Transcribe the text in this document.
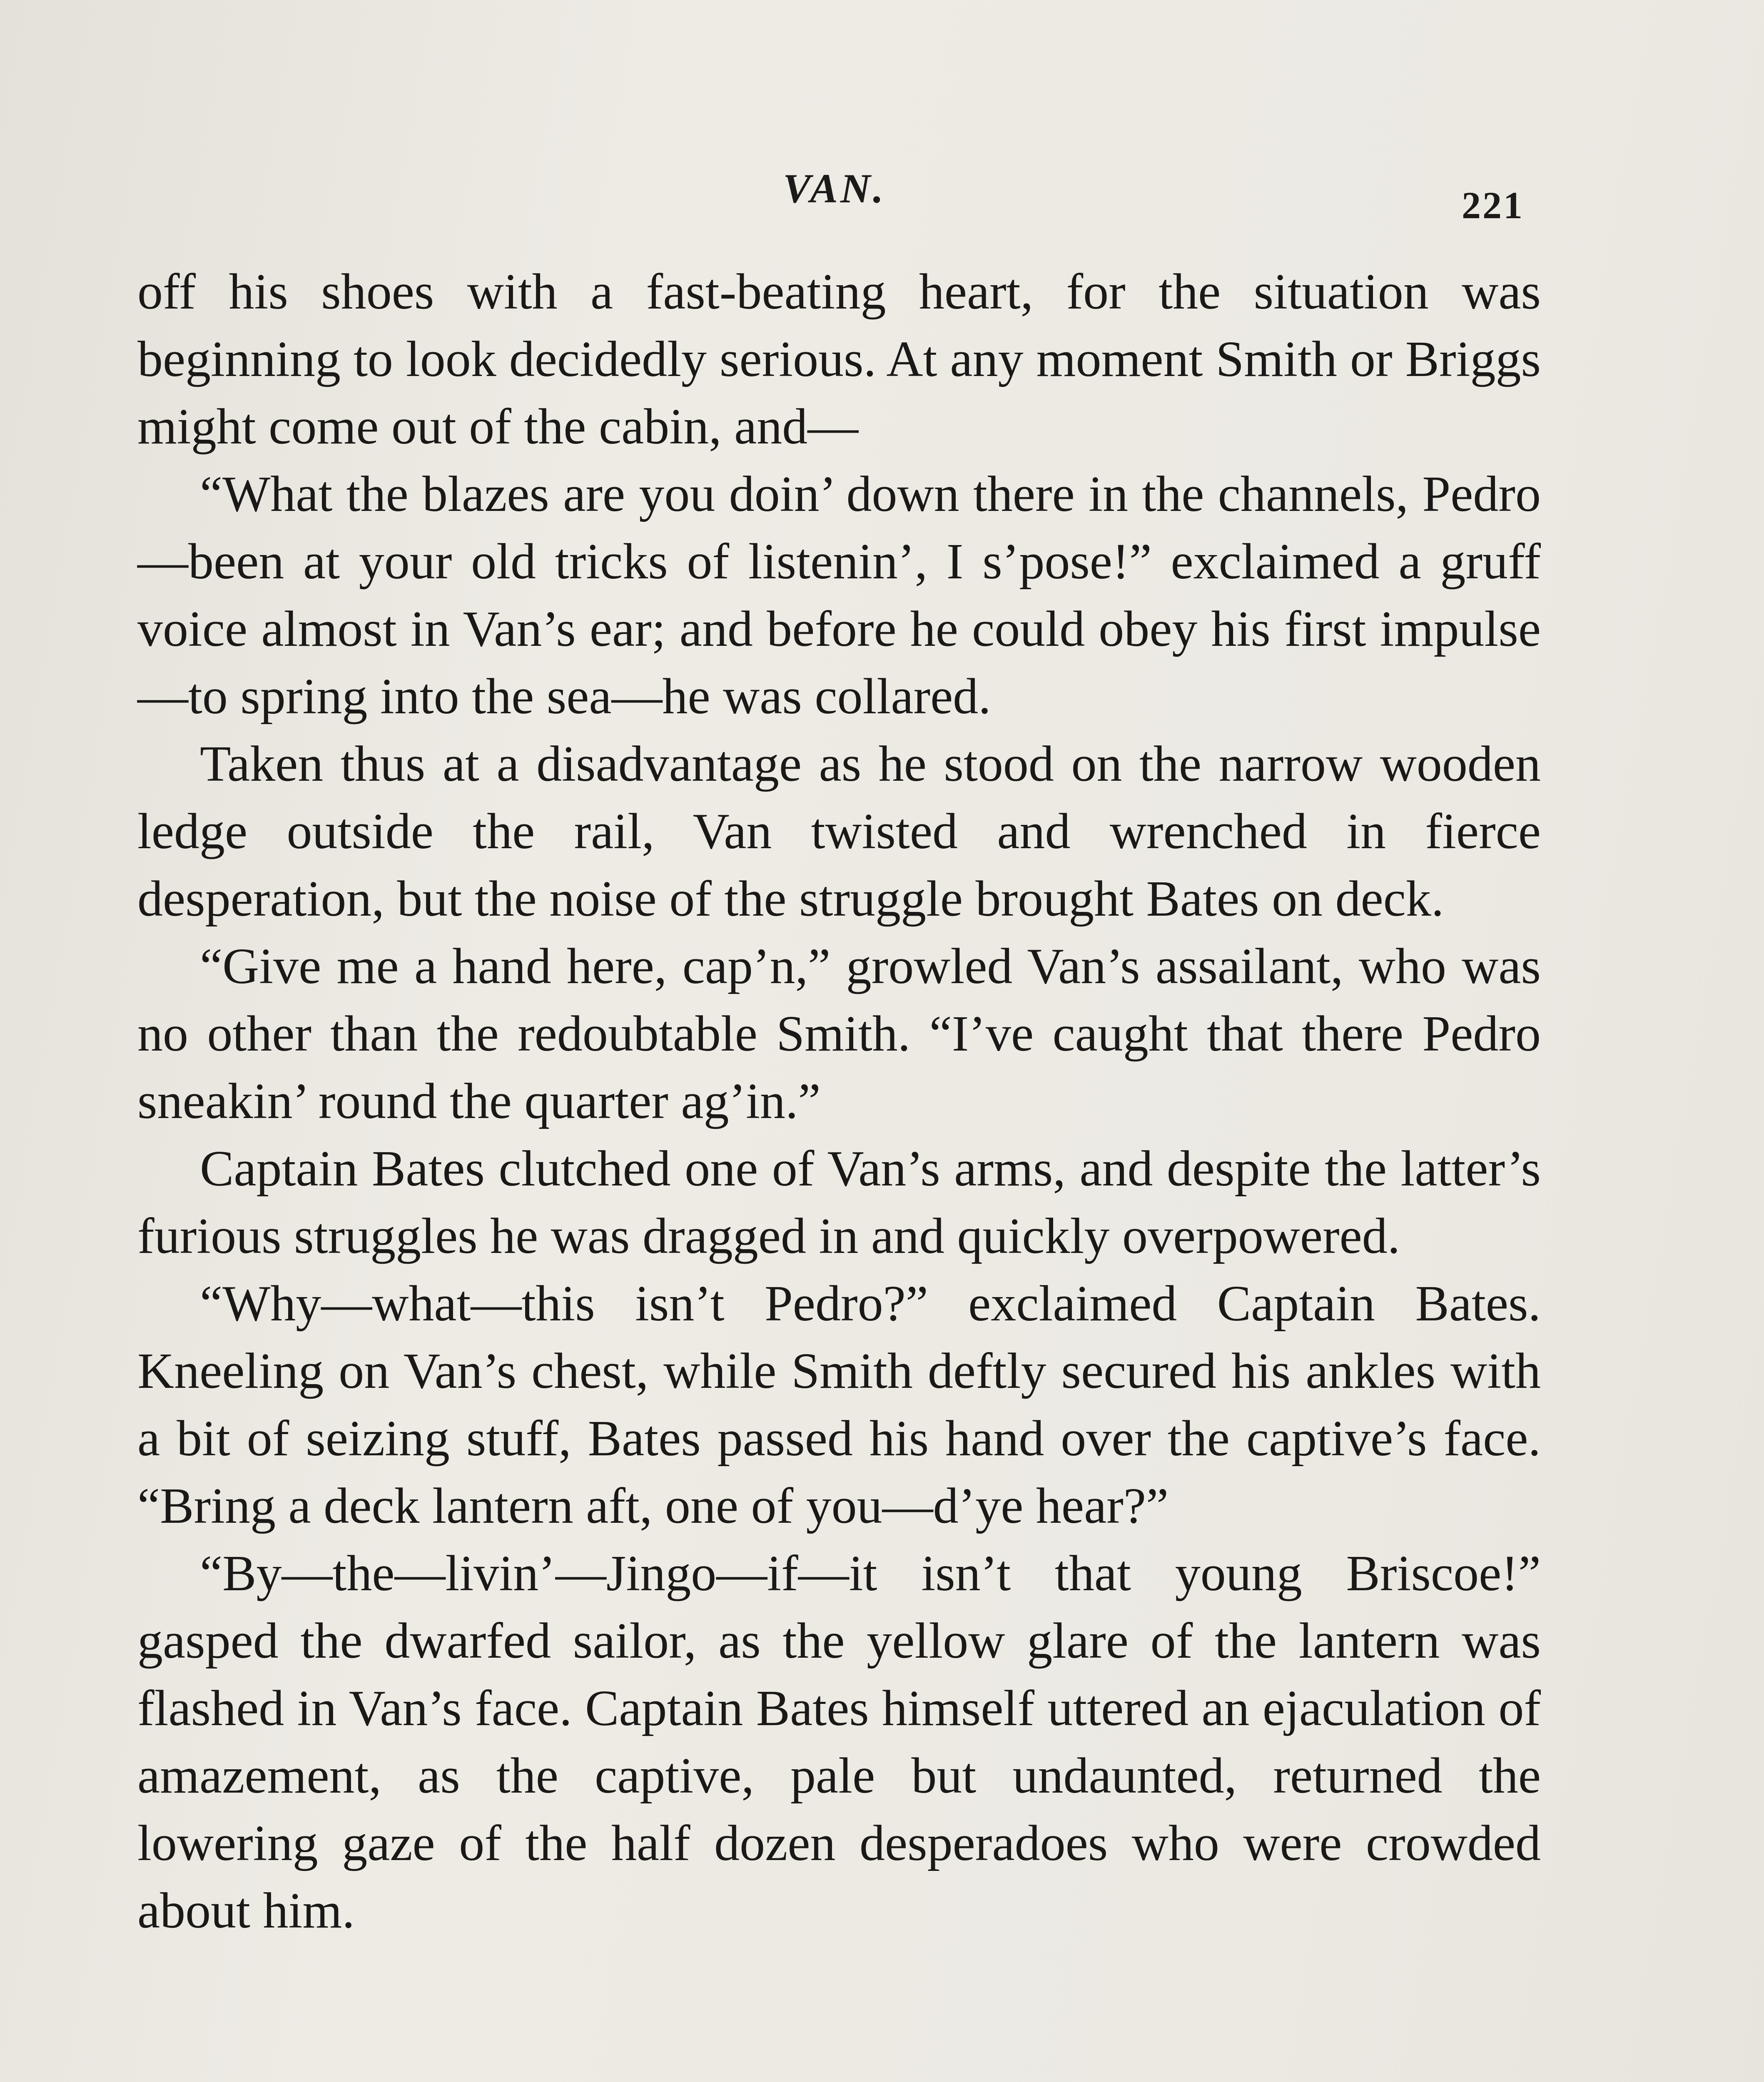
VAN.	221

off his shoes with a fast-beating heart, for the situation was beginning to look decidedly serious. At any moment Smith or Briggs might come out of the cabin, and—

“What the blazes are you doin’ down there in the channels, Pedro—been at your old tricks of listenin’, I s’pose!” exclaimed a gruff voice almost in Van’s ear; and before he could obey his first impulse—to spring into the sea—he was collared.

Taken thus at a disadvantage as he stood on the narrow wooden ledge outside the rail, Van twisted and wrenched in fierce desperation, but the noise of the struggle brought Bates on deck.

“Give me a hand here, cap’n,” growled Van’s assailant, who was no other than the redoubtable Smith. “I’ve caught that there Pedro sneakin’ round the quarter ag’in.”

Captain Bates clutched one of Van’s arms, and despite the latter’s furious struggles he was dragged in and quickly overpowered.

“Why—what—this isn’t Pedro?” exclaimed Captain Bates. Kneeling on Van’s chest, while Smith deftly secured his ankles with a bit of seizing stuff, Bates passed his hand over the captive’s face. “Bring a deck lantern aft, one of you—d’ye hear?”

“By—the—livin’—Jingo—if—it isn’t that young Briscoe!” gasped the dwarfed sailor, as the yellow glare of the lantern was flashed in Van’s face. Captain Bates himself uttered an ejaculation of amazement, as the captive, pale but undaunted, returned the lowering gaze of the half dozen desperadoes who were crowded about him.
